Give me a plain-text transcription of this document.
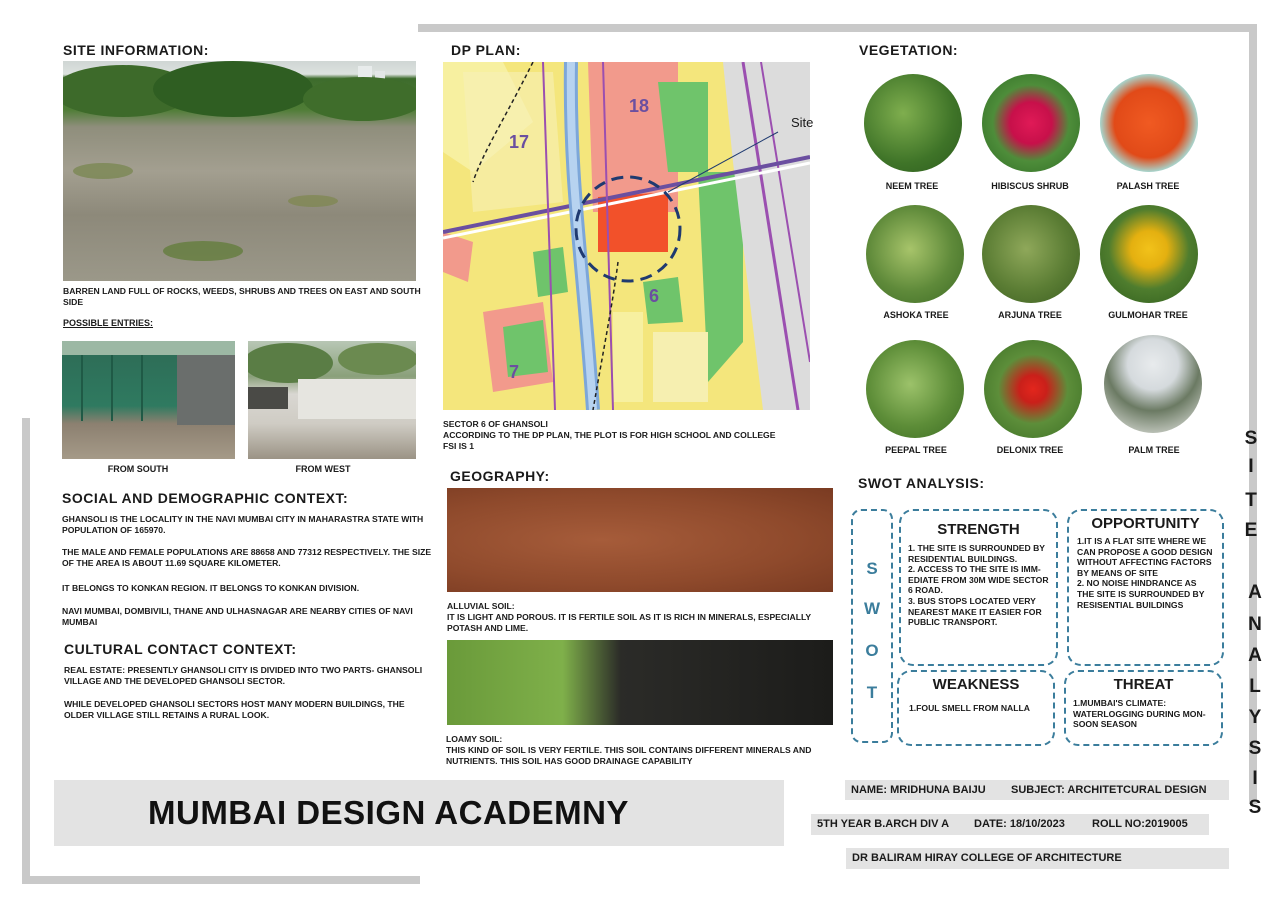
SITE INFORMATION:

BARREN LAND FULL OF ROCKS, WEEDS, SHRUBS AND TREES ON EAST AND SOUTH SIDE

POSSIBLE ENTRIES:
FROM SOUTH	FROM WEST
DP PLAN:
18
17
6
7
Site

SECTOR 6 OF GHANSOLI

ACCORDING TO THE DP PLAN, THE PLOT IS FOR HIGH SCHOOL AND COLLEGE

FSI IS 1

VEGETATION:
NEEM TREE	HIBISCUS SHRUB	PALASH TREE
ASHOKA TREE	ARJUNA TREE	GULMOHAR TREE
PEEPAL TREE	DELONIX TREE	PALM TREE
SOCIAL AND DEMOGRAPHIC CONTEXT:

GHANSOLI IS THE LOCALITY IN THE NAVI MUMBAI CITY IN MAHARASTRA STATE WITH POPULATION OF 165970.

THE MALE AND FEMALE POPULATIONS ARE 88658 AND 77312 RESPECTIVELY. THE SIZE OF THE AREA IS ABOUT 11.69 SQUARE KILOMETER.

IT BELONGS TO KONKAN REGION. IT BELONGS TO KONKAN DIVISION.

NAVI MUMBAI, DOMBIVILI, THANE AND ULHASNAGAR ARE NEARBY CITIES OF NAVI MUMBAI

CULTURAL CONTACT CONTEXT:

REAL ESTATE: PRESENTLY GHANSOLI CITY IS DIVIDED INTO TWO PARTS- GHANSOLI VILLAGE AND THE DEVELOPED GHANSOLI SECTOR.

WHILE DEVELOPED GHANSOLI SECTORS HOST MANY MODERN BUILDINGS, THE OLDER VILLAGE STILL RETAINS A RURAL LOOK.

GEOGRAPHY:

ALLUVIAL SOIL:

IT IS LIGHT AND POROUS. IT IS FERTILE SOIL AS IT IS RICH IN MINERALS, ESPECIALLY POTASH AND LIME.

LOAMY SOIL:

THIS KIND OF SOIL IS VERY FERTILE. THIS SOIL CONTAINS DIFFERENT MINERALS AND NUTRIENTS. THIS SOIL HAS GOOD DRAINAGE CAPABILITY

SWOT ANALYSIS:
S
W
O
T
STRENGTH
1. THE SITE IS SURROUNDED BY RESIDENTIAL BUILDINGS.
2. ACCESS TO THE SITE IS IMM-EDIATE FROM 30M WIDE SECTOR 6 ROAD.
3. BUS STOPS LOCATED VERY NEAREST MAKE IT EASIER FOR PUBLIC TRANSPORT.
OPPORTUNITY
1.IT IS A FLAT SITE WHERE WE CAN PROPOSE A GOOD DESIGN WITHOUT AFFECTING FACTORS BY MEANS OF SITE
2. NO NOISE HINDRANCE AS THE SITE IS SURROUNDED BY RESISENTIAL BUILDINGS
WEAKNESS
1.FOUL SMELL FROM NALLA
THREAT
1.MUMBAI'S CLIMATE: WATERLOGGING DURING MON-SOON SEASON
S
I
T
E
A
N
A
L
Y
S
I
S
MUMBAI DESIGN ACADEMNY
NAME: MRIDHUNA BAIJU SUBJECT: ARCHITETCURAL DESIGN
5TH YEAR B.ARCH DIV A DATE: 18/10/2023 ROLL NO:2019005
DR BALIRAM HIRAY COLLEGE OF ARCHITECTURE
